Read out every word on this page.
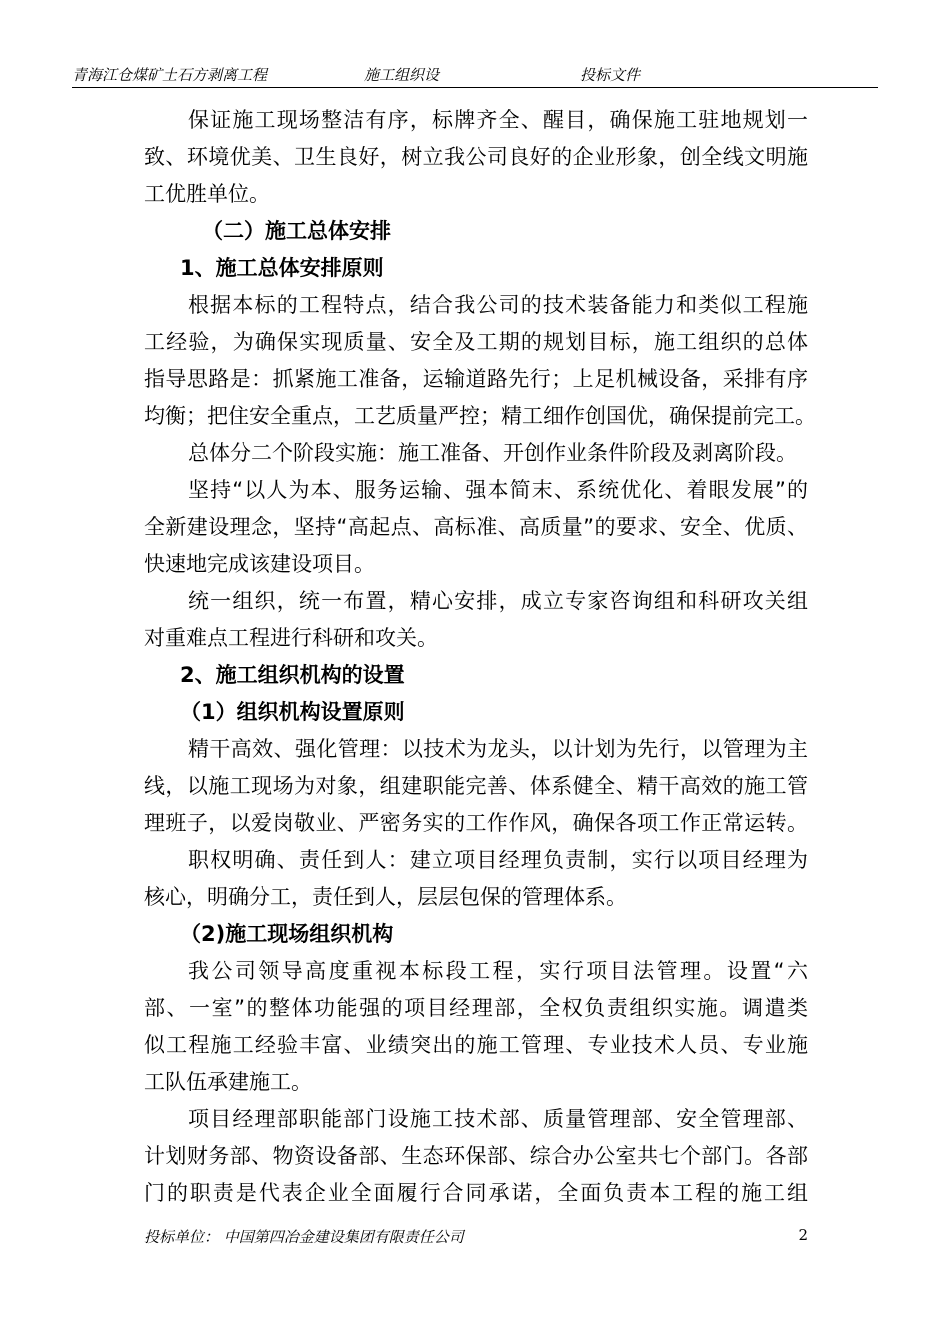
青海江仓煤矿土石方剥离工程	施工组织设	投标文件
保证施工现场整洁有序，标牌齐全、醒目，确保施工驻地规划一
致、环境优美、卫生良好，树立我公司良好的企业形象，创全线文明施
工优胜单位。
（二）施工总体安排
1、施工总体安排原则
根据本标的工程特点，结合我公司的技术装备能力和类似工程施
工经验，为确保实现质量、安全及工期的规划目标，施工组织的总体
指导思路是：抓紧施工准备，运输道路先行；上足机械设备，采排有序
均衡；把住安全重点，工艺质量严控；精工细作创国优，确保提前完工。
总体分二个阶段实施：施工准备、开创作业条件阶段及剥离阶段。
坚持“以人为本、服务运输、强本简末、系统优化、着眼发展”的
全新建设理念，坚持“高起点、高标准、高质量”的要求、安全、优质、
快速地完成该建设项目。
统一组织，统一布置，精心安排，成立专家咨询组和科研攻关组
对重难点工程进行科研和攻关。
2、施工组织机构的设置
（1）组织机构设置原则
精干高效、强化管理：以技术为龙头，以计划为先行，以管理为主
线，以施工现场为对象，组建职能完善、体系健全、精干高效的施工管
理班子，以爱岗敬业、严密务实的工作作风，确保各项工作正常运转。
职权明确、责任到人：建立项目经理负责制，实行以项目经理为
核心，明确分工，责任到人，层层包保的管理体系。
（2)施工现场组织机构
我公司领导高度重视本标段工程，实行项目法管理。设置“六
部、一室”的整体功能强的项目经理部，全权负责组织实施。调遣类
似工程施工经验丰富、业绩突出的施工管理、专业技术人员、专业施
工队伍承建施工。
项目经理部职能部门设施工技术部、质量管理部、安全管理部、
计划财务部、物资设备部、生态环保部、综合办公室共七个部门。各部
门的职责是代表企业全面履行合同承诺，全面负责本工程的施工组
投标单位： 中国第四冶金建设集团有限责任公司	2
